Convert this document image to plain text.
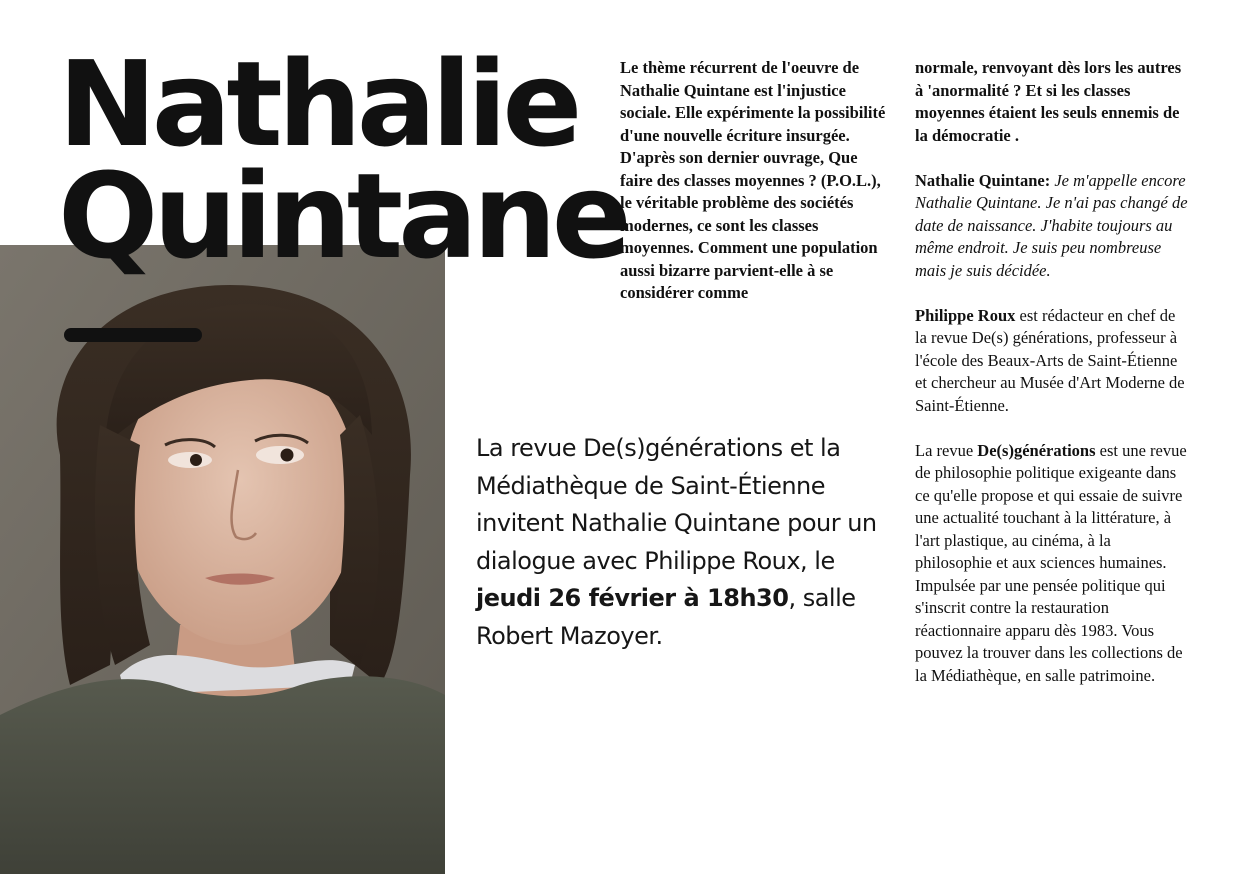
Nathalie
Quintane
Le thème récurrent de l'oeuvre de Nathalie Quintane est l'injustice sociale. Elle expérimente la possibilité d'une nouvelle écriture insurgée. D'après son dernier ouvrage, Que faire des classes moyennes ? (P.O.L.), le véritable problème des sociétés modernes, ce sont les classes moyennes. Comment une population aussi bizarre parvient-elle à se considérer comme

normale, renvoyant dès lors les autres à 'anormalité ? Et si les classes moyennes étaient les seuls ennemis de la démocratie .

Nathalie Quintane: Je m'appelle encore Nathalie Quintane. Je n'ai pas changé de date de naissance. J'habite toujours au même endroit. Je suis peu nombreuse mais je suis décidée.

Philippe Roux est rédacteur en chef de la revue De(s) générations, professeur à l'école des Beaux-Arts de Saint-Étienne et chercheur au Musée d'Art Moderne de Saint-Étienne.

La revue De(s)générations est une revue de philosophie politique exigeante dans ce qu'elle propose et qui essaie de suivre une actualité touchant à la littérature, à l'art plastique, au cinéma, à la philosophie et aux sciences humaines. Impulsée par une pensée politique qui s'inscrit contre la restauration réactionnaire apparu dès 1983. Vous pouvez la trouver dans les collections de la Médiathèque, en salle patrimoine.

La revue De(s)générations et la Médiathèque de Saint-Étienne invitent Nathalie Quintane pour un dialogue avec Philippe Roux, le jeudi 26 février à 18h30, salle Robert Mazoyer.
